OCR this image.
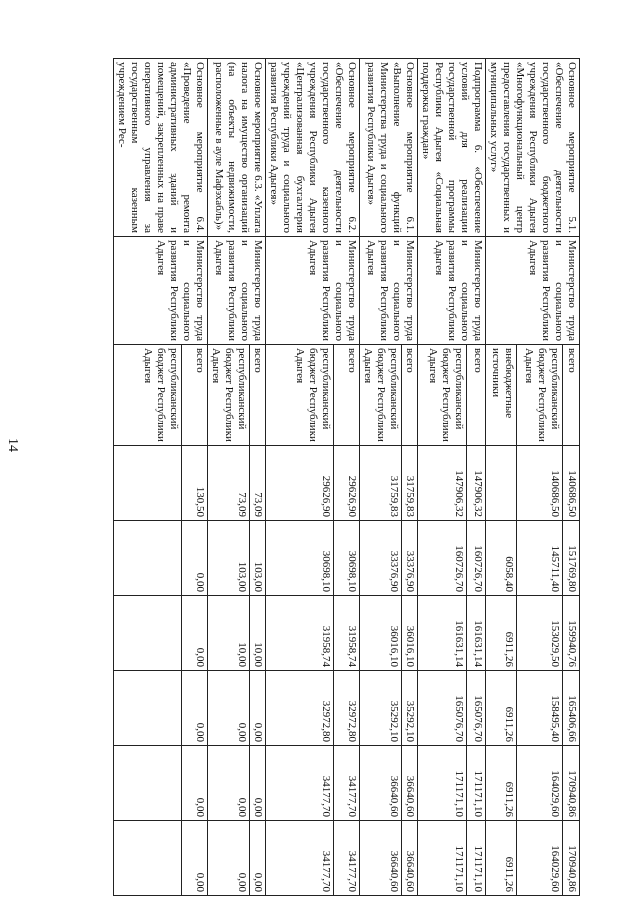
14
Основное мероприятие 5.1. «Обеспечение деятельности государственного бюджетного учреждения Республики Адыгея «Многофункциональный центр предоставления государственных и муниципальных услуг»	Министерство труда и социального развития Республики Адыгея	всего	140686,50	151769,80	159940,76	165406,66	170940,86	170940,86
		республиканский бюджет Республики Адыгея	140686,50	145711,40	153029,50	158495,40	164029,60	164029,60
		внебюджетные источники		6058,40	6911,26	6911,26	6911,26	6911,26
Подпрограмма 6. «Обеспечение условий для реализации государственной программы Республики Адыгея «Социальная поддержка граждан»	Министерство труда и социального развития Республики Адыгея	всего	147906,32	160726,70	161631,14	165076,70	171171,10	171171,10
		республиканский бюджет Республики Адыгея	147906,32	160726,70	161631,14	165076,70	171171,10	171171,10
Основное мероприятие 6.1. «Выполнение функций Министерства труда и социального развития Республики Адыгея»	Министерство труда и социального развития Республики Адыгея	всего	31759,83	33376,90	36016,10	35292,10	36640,60	36640,60
		республиканский бюджет Республики Адыгея	31759,83	33376,90	36016,10	35292,10	36640,60	36640,60
Основное мероприятие 6.2. «Обеспечение деятельности государственного казенного учреждения Республики Адыгея «Централизованная бухгалтерия учреждений труда и социального развития Республики Адыгея»	Министерство труда и социального развития Республики Адыгея	всего	29626,90	30698,10	31958,74	32972,80	34177,70	34177,70
		республиканский бюджет Республики Адыгея	29626,90	30698,10	31958,74	32972,80	34177,70	34177,70
Основное мероприятие 6.3. «Уплата налога на имущество организаций (на объекты недвижимости, расположенные в ауле Мафэхабль)»	Министерство труда и социального развития Республики Адыгея	всего	73,09	103,00	10,00	0,00	0,00	0,00
		республиканский бюджет Республики Адыгея	73,09	103,00	10,00	0,00	0,00	0,00
Основное мероприятие 6.4. «Проведение ремонта административных зданий и помещений, закрепленных на праве оперативного управления за государственным казенным учреждением Рес-	Министерство труда и социального развития Республики Адыгея	всего	130,50	0,00	0,00	0,00	0,00	0,00
		республиканский бюджет Республики Адыгея						
